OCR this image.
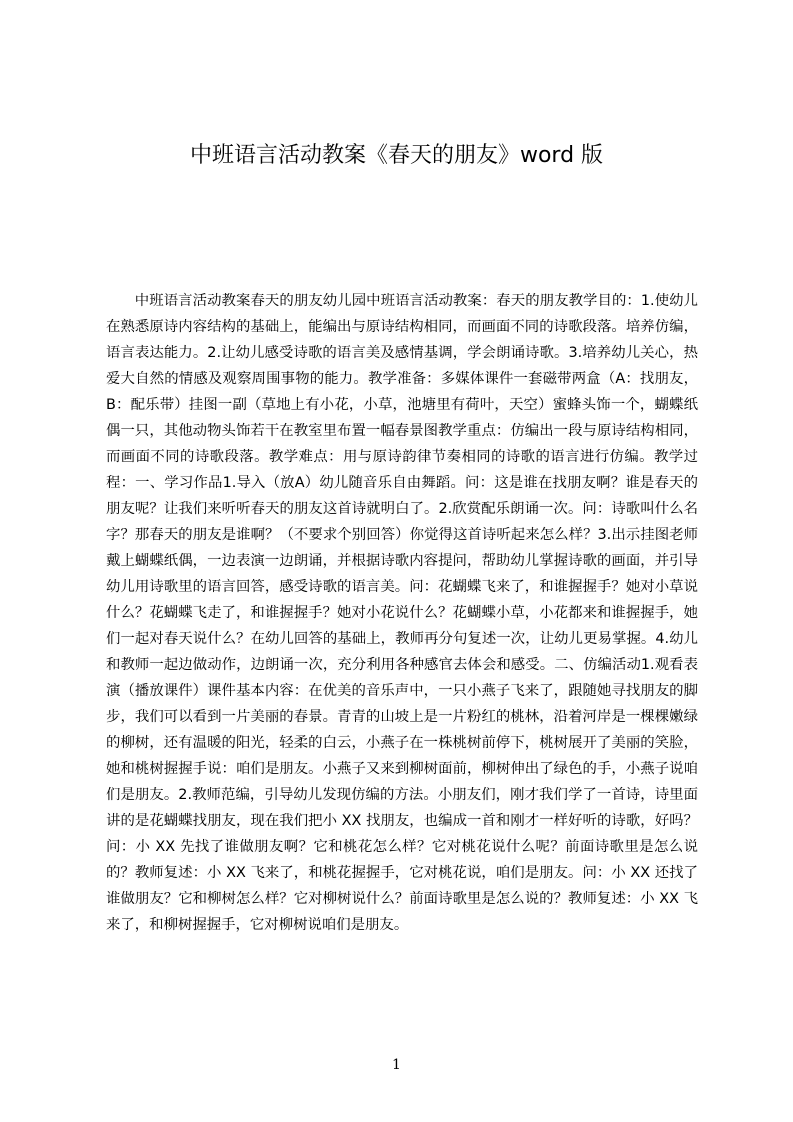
中班语言活动教案《春天的朋友》word 版

中班语言活动教案春天的朋友幼儿园中班语言活动教案：春天的朋友教学目的：1.使幼儿在熟悉原诗内容结构的基础上，能编出与原诗结构相同，而画面不同的诗歌段落。培养仿编，语言表达能力。2.让幼儿感受诗歌的语言美及感情基调，学会朗诵诗歌。3.培养幼儿关心，热爱大自然的情感及观察周围事物的能力。教学准备：多媒体课件一套磁带两盒（A：找朋友，B：配乐带）挂图一副（草地上有小花，小草，池塘里有荷叶，天空）蜜蜂头饰一个，蝴蝶纸偶一只，其他动物头饰若干在教室里布置一幅春景图教学重点：仿编出一段与原诗结构相同，而画面不同的诗歌段落。教学难点：用与原诗韵律节奏相同的诗歌的语言进行仿编。教学过程：一、学习作品1.导入（放A）幼儿随音乐自由舞蹈。问：这是谁在找朋友啊？谁是春天的朋友呢？让我们来听听春天的朋友这首诗就明白了。2.欣赏配乐朗诵一次。问：诗歌叫什么名字？那春天的朋友是谁啊？（不要求个别回答）你觉得这首诗听起来怎么样？3.出示挂图老师戴上蝴蝶纸偶，一边表演一边朗诵，并根据诗歌内容提问，帮助幼儿掌握诗歌的画面，并引导幼儿用诗歌里的语言回答，感受诗歌的语言美。问：花蝴蝶飞来了，和谁握握手？她对小草说什么？花蝴蝶飞走了，和谁握握手？她对小花说什么？花蝴蝶小草，小花都来和谁握握手，她们一起对春天说什么？在幼儿回答的基础上，教师再分句复述一次，让幼儿更易掌握。4.幼儿和教师一起边做动作，边朗诵一次，充分利用各种感官去体会和感受。二、仿编活动1.观看表演（播放课件）课件基本内容：在优美的音乐声中，一只小燕子飞来了，跟随她寻找朋友的脚步，我们可以看到一片美丽的春景。青青的山坡上是一片粉红的桃林，沿着河岸是一棵棵嫩绿的柳树，还有温暖的阳光，轻柔的白云，小燕子在一株桃树前停下，桃树展开了美丽的笑脸，她和桃树握握手说：咱们是朋友。小燕子又来到柳树面前，柳树伸出了绿色的手，小燕子说咱们是朋友。2.教师范编，引导幼儿发现仿编的方法。小朋友们，刚才我们学了一首诗，诗里面讲的是花蝴蝶找朋友，现在我们把小 XX 找朋友，也编成一首和刚才一样好听的诗歌，好吗？问：小 XX 先找了谁做朋友啊？它和桃花怎么样？它对桃花说什么呢？前面诗歌里是怎么说的？教师复述：小 XX 飞来了，和桃花握握手，它对桃花说，咱们是朋友。问：小 XX 还找了谁做朋友？它和柳树怎么样？它对柳树说什么？前面诗歌里是怎么说的？教师复述：小 XX 飞来了，和柳树握握手，它对柳树说咱们是朋友。

1
